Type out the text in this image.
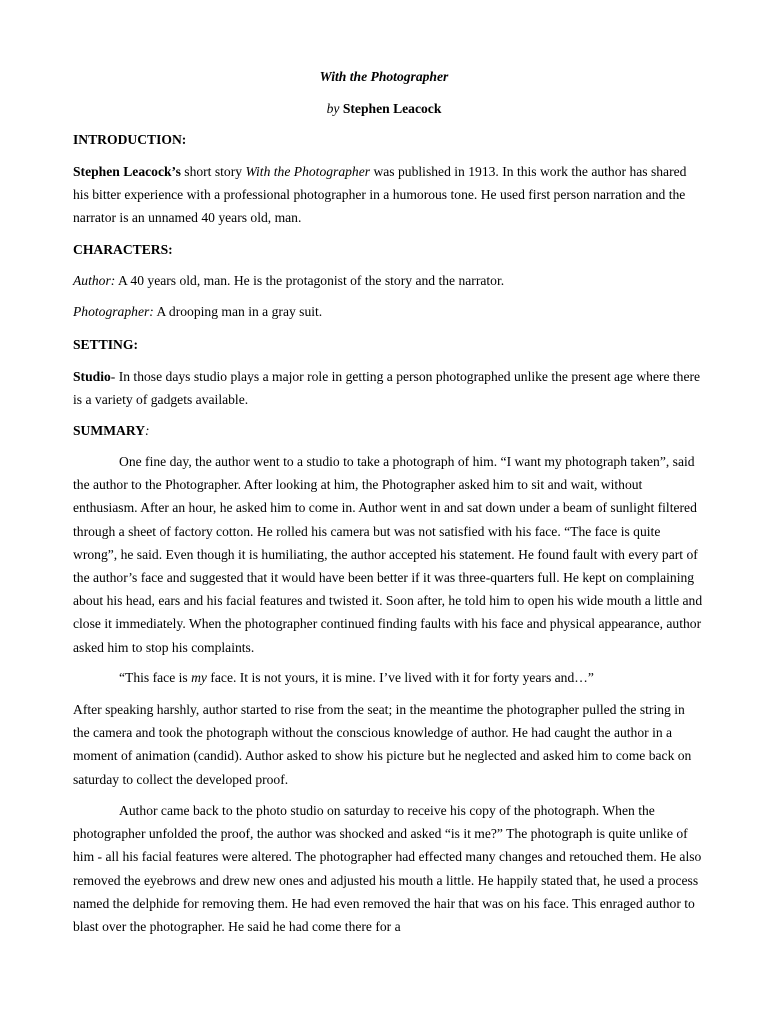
With the Photographer
by Stephen Leacock
INTRODUCTION:

Stephen Leacock’s short story With the Photographer was published in 1913. In this work the author has shared his bitter experience with a professional photographer in a humorous tone. He used first person narration and the narrator is an unnamed 40 years old, man.

CHARACTERS:

Author: A 40 years old, man. He is the protagonist of the story and the narrator.

Photographer: A drooping man in a gray suit.

SETTING:

Studio- In those days studio plays a major role in getting a person photographed unlike the present age where there is a variety of gadgets available.

SUMMARY:

One fine day, the author went to a studio to take a photograph of him. “I want my photograph taken”, said the author to the Photographer. After looking at him, the Photographer asked him to sit and wait, without enthusiasm. After an hour, he asked him to come in. Author went in and sat down under a beam of sunlight filtered through a sheet of factory cotton. He rolled his camera but was not satisfied with his face. “The face is quite wrong”, he said. Even though it is humiliating, the author accepted his statement. He found fault with every part of the author’s face and suggested that it would have been better if it was three-quarters full. He kept on complaining about his head, ears and his facial features and twisted it. Soon after, he told him to open his wide mouth a little and close it immediately. When the photographer continued finding faults with his face and physical appearance, author asked him to stop his complaints.

“This face is my face. It is not yours, it is mine. I’ve lived with it for forty years and…”

After speaking harshly, author started to rise from the seat; in the meantime the photographer pulled the string in the camera and took the photograph without the conscious knowledge of author. He had caught the author in a moment of animation (candid). Author asked to show his picture but he neglected and asked him to come back on saturday to collect the developed proof.

Author came back to the photo studio on saturday to receive his copy of the photograph. When the photographer unfolded the proof, the author was shocked and asked “is it me?” The photograph is quite unlike of him - all his facial features were altered. The photographer had effected many changes and retouched them. He also removed the eyebrows and drew new ones and adjusted his mouth a little. He happily stated that, he used a process named the delphide for removing them. He had even removed the hair that was on his face. This enraged author to blast over the photographer. He said he had come there for a
